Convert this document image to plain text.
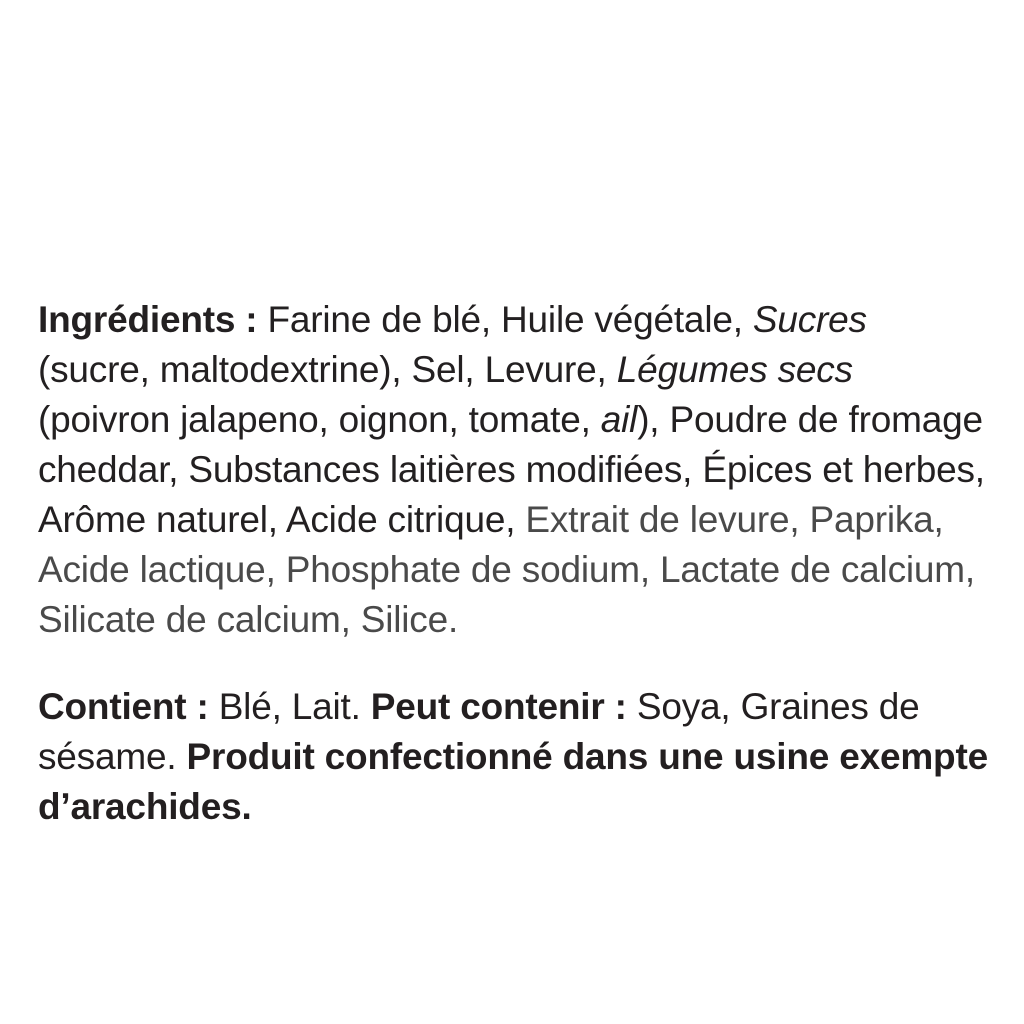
Ingrédients : Farine de blé, Huile végétale, Sucres (sucre, maltodextrine), Sel, Levure, Légumes secs (poivron jalapeno, oignon, tomate, ail), Poudre de fromage cheddar, Substances laitières modifiées, Épices et herbes, Arôme naturel, Acide citrique, Extrait de levure, Paprika, Acide lactique, Phosphate de sodium, Lactate de calcium, Silicate de calcium, Silice.

Contient : Blé, Lait. Peut contenir : Soya, Graines de sésame. Produit confectionné dans une usine exempte d’arachides.
